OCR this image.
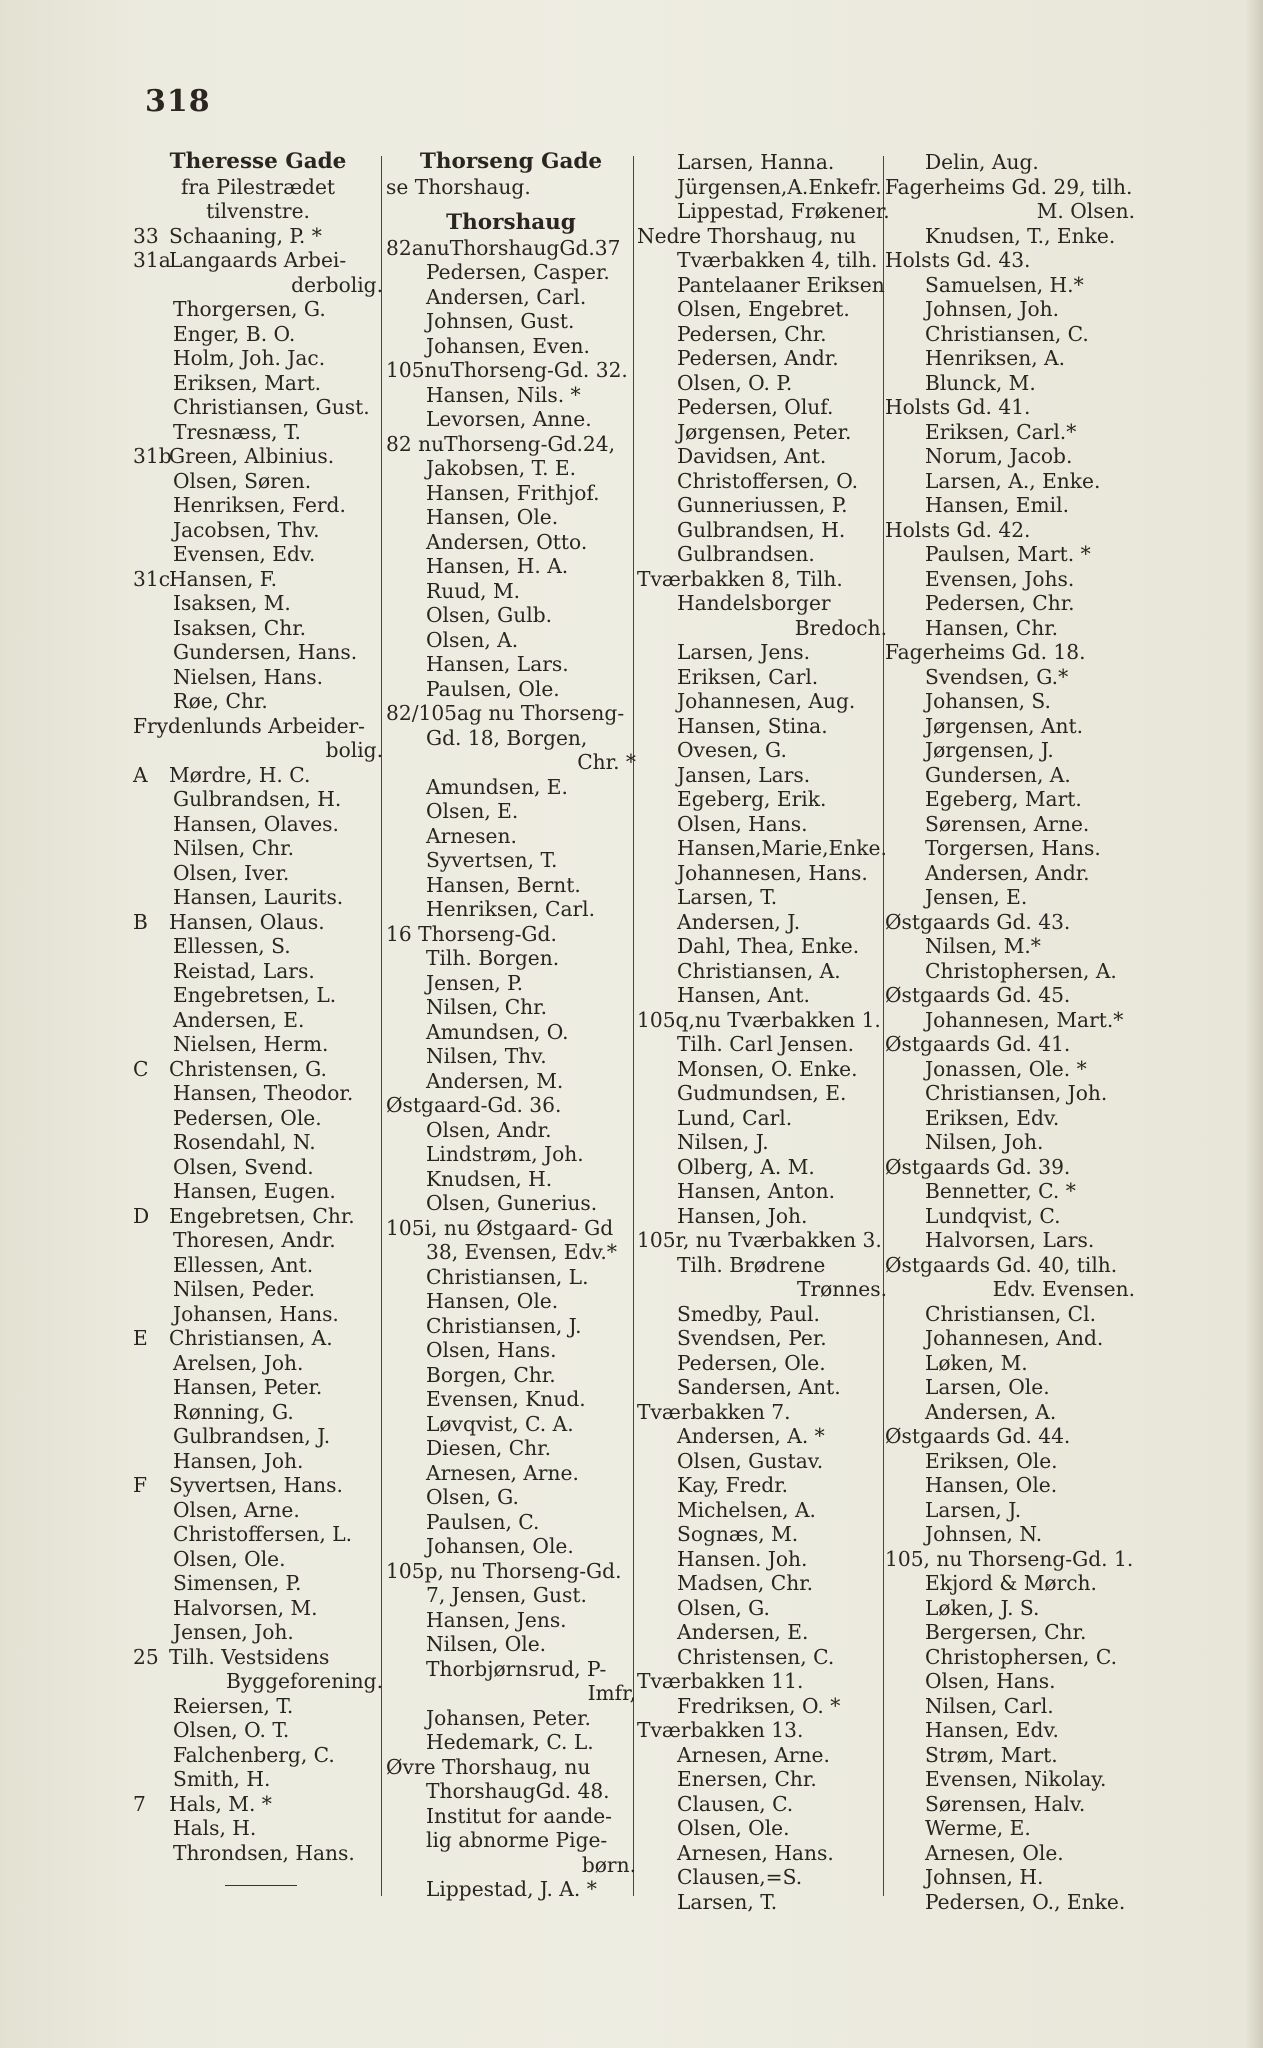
318
Theresse Gade
fra Pilestrædet
tilvenstre.
33 Schaaning, P. *
31aLangaards Arbei-
derbolig.
Thorgersen, G.
Enger, B. O.
Holm, Joh. Jac.
Eriksen, Mart.
Christiansen, Gust.
Tresnæss, T.
31bGreen, Albinius.
Olsen, Søren.
Henriksen, Ferd.
Jacobsen, Thv.
Evensen, Edv.
31cHansen, F.
Isaksen, M.
Isaksen, Chr.
Gundersen, Hans.
Nielsen, Hans.
Røe, Chr.
Frydenlunds Arbeider-
bolig.
A Mørdre, H. C.
Gulbrandsen, H.
Hansen, Olaves.
Nilsen, Chr.
Olsen, Iver.
Hansen, Laurits.
B Hansen, Olaus.
Ellessen, S.
Reistad, Lars.
Engebretsen, L.
Andersen, E.
Nielsen, Herm.
C Christensen, G.
Hansen, Theodor.
Pedersen, Ole.
Rosendahl, N.
Olsen, Svend.
Hansen, Eugen.
D Engebretsen, Chr.
Thoresen, Andr.
Ellessen, Ant.
Nilsen, Peder.
Johansen, Hans.
E Christiansen, A.
Arelsen, Joh.
Hansen, Peter.
Rønning, G.
Gulbrandsen, J.
Hansen, Joh.
F Syvertsen, Hans.
Olsen, Arne.
Christoffersen, L.
Olsen, Ole.
Simensen, P.
Halvorsen, M.
Jensen, Joh.
25 Tilh. Vestsidens
Byggeforening.
Reiersen, T.
Olsen, O. T.
Falchenberg, C.
Smith, H.
7 Hals, M. *
Hals, H.
Throndsen, Hans.
Thorseng Gade
se Thorshaug.
Thorshaug
82anuThorshaugGd.37
Pedersen, Casper.
Andersen, Carl.
Johnsen, Gust.
Johansen, Even.
105nuThorseng-Gd. 32.
Hansen, Nils. *
Levorsen, Anne.
82 nuThorseng-Gd.24,
Jakobsen, T. E.
Hansen, Frithjof.
Hansen, Ole.
Andersen, Otto.
Hansen, H. A.
Ruud, M.
Olsen, Gulb.
Olsen, A.
Hansen, Lars.
Paulsen, Ole.
82/105ag nu Thorseng-
Gd. 18, Borgen,
Chr. *
Amundsen, E.
Olsen, E.
Arnesen.
Syvertsen, T.
Hansen, Bernt.
Henriksen, Carl.
16 Thorseng-Gd.
Tilh. Borgen.
Jensen, P.
Nilsen, Chr.
Amundsen, O.
Nilsen, Thv.
Andersen, M.
Østgaard-Gd. 36.
Olsen, Andr.
Lindstrøm, Joh.
Knudsen, H.
Olsen, Gunerius.
105i, nu Østgaard- Gd
38, Evensen, Edv.*
Christiansen, L.
Hansen, Ole.
Christiansen, J.
Olsen, Hans.
Borgen, Chr.
Evensen, Knud.
Løvqvist, C. A.
Diesen, Chr.
Arnesen, Arne.
Olsen, G.
Paulsen, C.
Johansen, Ole.
105p, nu Thorseng-Gd.
7, Jensen, Gust.
Hansen, Jens.
Nilsen, Ole.
Thorbjørnsrud, P-
Imfr,
Johansen, Peter.
Hedemark, C. L.
Øvre Thorshaug, nu
ThorshaugGd. 48.
Institut for aande-
lig abnorme Pige-
børn.
Lippestad, J. A. *
Larsen, Hanna.
Jürgensen,A.Enkefr.
Lippestad, Frøkener.
Nedre Thorshaug, nu
Tværbakken 4, tilh.
Pantelaaner Eriksen
Olsen, Engebret.
Pedersen, Chr.
Pedersen, Andr.
Olsen, O. P.
Pedersen, Oluf.
Jørgensen, Peter.
Davidsen, Ant.
Christoffersen, O.
Gunneriussen, P.
Gulbrandsen, H.
Gulbrandsen.
Tværbakken 8, Tilh.
Handelsborger
Bredoch.
Larsen, Jens.
Eriksen, Carl.
Johannesen, Aug.
Hansen, Stina.
Ovesen, G.
Jansen, Lars.
Egeberg, Erik.
Olsen, Hans.
Hansen,Marie,Enke.
Johannesen, Hans.
Larsen, T.
Andersen, J.
Dahl, Thea, Enke.
Christiansen, A.
Hansen, Ant.
105q,nu Tværbakken 1.
Tilh. Carl Jensen.
Monsen, O. Enke.
Gudmundsen, E.
Lund, Carl.
Nilsen, J.
Olberg, A. M.
Hansen, Anton.
Hansen, Joh.
105r, nu Tværbakken 3.
Tilh. Brødrene
Trønnes.
Smedby, Paul.
Svendsen, Per.
Pedersen, Ole.
Sandersen, Ant.
Tværbakken 7.
Andersen, A. *
Olsen, Gustav.
Kay, Fredr.
Michelsen, A.
Sognæs, M.
Hansen. Joh.
Madsen, Chr.
Olsen, G.
Andersen, E.
Christensen, C.
Tværbakken 11.
Fredriksen, O. *
Tværbakken 13.
Arnesen, Arne.
Enersen, Chr.
Clausen, C.
Olsen, Ole.
Arnesen, Hans.
Clausen,=S.
Larsen, T.
Delin, Aug.
Fagerheims Gd. 29, tilh.
M. Olsen.
Knudsen, T., Enke.
Holsts Gd. 43.
Samuelsen, H.*
Johnsen, Joh.
Christiansen, C.
Henriksen, A.
Blunck, M.
Holsts Gd. 41.
Eriksen, Carl.*
Norum, Jacob.
Larsen, A., Enke.
Hansen, Emil.
Holsts Gd. 42.
Paulsen, Mart. *
Evensen, Johs.
Pedersen, Chr.
Hansen, Chr.
Fagerheims Gd. 18.
Svendsen, G.*
Johansen, S.
Jørgensen, Ant.
Jørgensen, J.
Gundersen, A.
Egeberg, Mart.
Sørensen, Arne.
Torgersen, Hans.
Andersen, Andr.
Jensen, E.
Østgaards Gd. 43.
Nilsen, M.*
Christophersen, A.
Østgaards Gd. 45.
Johannesen, Mart.*
Østgaards Gd. 41.
Jonassen, Ole. *
Christiansen, Joh.
Eriksen, Edv.
Nilsen, Joh.
Østgaards Gd. 39.
Bennetter, C. *
Lundqvist, C.
Halvorsen, Lars.
Østgaards Gd. 40, tilh.
Edv. Evensen.
Christiansen, Cl.
Johannesen, And.
Løken, M.
Larsen, Ole.
Andersen, A.
Østgaards Gd. 44.
Eriksen, Ole.
Hansen, Ole.
Larsen, J.
Johnsen, N.
105, nu Thorseng-Gd. 1.
Ekjord & Mørch.
Løken, J. S.
Bergersen, Chr.
Christophersen, C.
Olsen, Hans.
Nilsen, Carl.
Hansen, Edv.
Strøm, Mart.
Evensen, Nikolay.
Sørensen, Halv.
Werme, E.
Arnesen, Ole.
Johnsen, H.
Pedersen, O., Enke.
